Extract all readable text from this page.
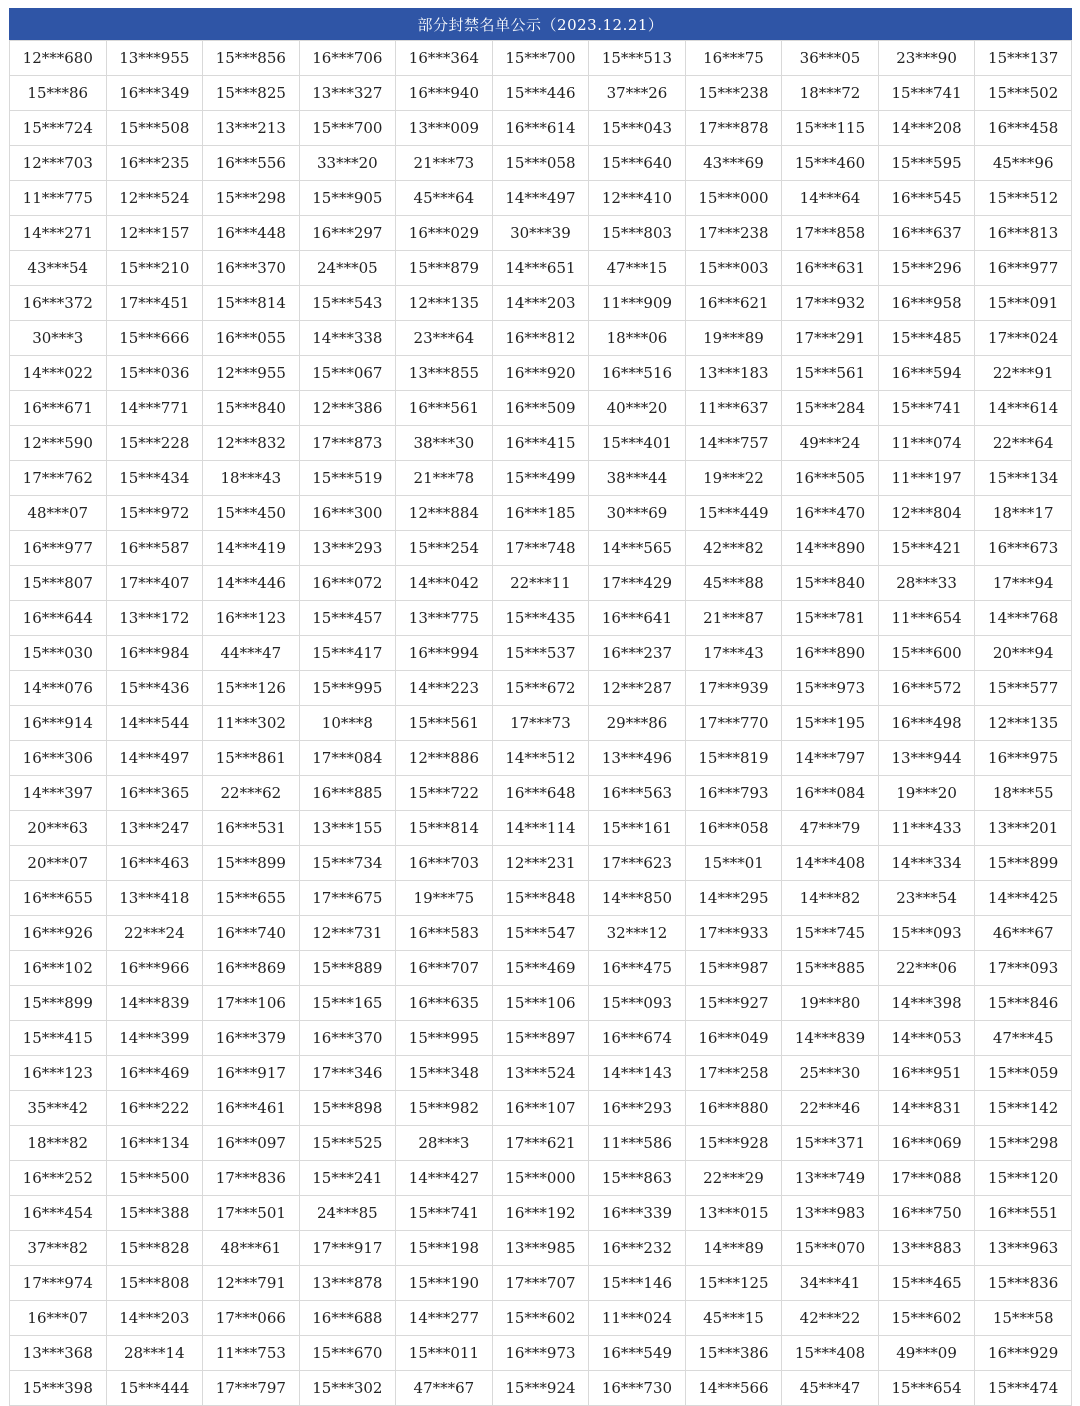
部分封禁名单公示（2023.12.21）
12***680	13***955	15***856	16***706	16***364	15***700	15***513	16***75	36***05	23***90	15***137
15***86	16***349	15***825	13***327	16***940	15***446	37***26	15***238	18***72	15***741	15***502
15***724	15***508	13***213	15***700	13***009	16***614	15***043	17***878	15***115	14***208	16***458
12***703	16***235	16***556	33***20	21***73	15***058	15***640	43***69	15***460	15***595	45***96
11***775	12***524	15***298	15***905	45***64	14***497	12***410	15***000	14***64	16***545	15***512
14***271	12***157	16***448	16***297	16***029	30***39	15***803	17***238	17***858	16***637	16***813
43***54	15***210	16***370	24***05	15***879	14***651	47***15	15***003	16***631	15***296	16***977
16***372	17***451	15***814	15***543	12***135	14***203	11***909	16***621	17***932	16***958	15***091
30***3	15***666	16***055	14***338	23***64	16***812	18***06	19***89	17***291	15***485	17***024
14***022	15***036	12***955	15***067	13***855	16***920	16***516	13***183	15***561	16***594	22***91
16***671	14***771	15***840	12***386	16***561	16***509	40***20	11***637	15***284	15***741	14***614
12***590	15***228	12***832	17***873	38***30	16***415	15***401	14***757	49***24	11***074	22***64
17***762	15***434	18***43	15***519	21***78	15***499	38***44	19***22	16***505	11***197	15***134
48***07	15***972	15***450	16***300	12***884	16***185	30***69	15***449	16***470	12***804	18***17
16***977	16***587	14***419	13***293	15***254	17***748	14***565	42***82	14***890	15***421	16***673
15***807	17***407	14***446	16***072	14***042	22***11	17***429	45***88	15***840	28***33	17***94
16***644	13***172	16***123	15***457	13***775	15***435	16***641	21***87	15***781	11***654	14***768
15***030	16***984	44***47	15***417	16***994	15***537	16***237	17***43	16***890	15***600	20***94
14***076	15***436	15***126	15***995	14***223	15***672	12***287	17***939	15***973	16***572	15***577
16***914	14***544	11***302	10***8	15***561	17***73	29***86	17***770	15***195	16***498	12***135
16***306	14***497	15***861	17***084	12***886	14***512	13***496	15***819	14***797	13***944	16***975
14***397	16***365	22***62	16***885	15***722	16***648	16***563	16***793	16***084	19***20	18***55
20***63	13***247	16***531	13***155	15***814	14***114	15***161	16***058	47***79	11***433	13***201
20***07	16***463	15***899	15***734	16***703	12***231	17***623	15***01	14***408	14***334	15***899
16***655	13***418	15***655	17***675	19***75	15***848	14***850	14***295	14***82	23***54	14***425
16***926	22***24	16***740	12***731	16***583	15***547	32***12	17***933	15***745	15***093	46***67
16***102	16***966	16***869	15***889	16***707	15***469	16***475	15***987	15***885	22***06	17***093
15***899	14***839	17***106	15***165	16***635	15***106	15***093	15***927	19***80	14***398	15***846
15***415	14***399	16***379	16***370	15***995	15***897	16***674	16***049	14***839	14***053	47***45
16***123	16***469	16***917	17***346	15***348	13***524	14***143	17***258	25***30	16***951	15***059
35***42	16***222	16***461	15***898	15***982	16***107	16***293	16***880	22***46	14***831	15***142
18***82	16***134	16***097	15***525	28***3	17***621	11***586	15***928	15***371	16***069	15***298
16***252	15***500	17***836	15***241	14***427	15***000	15***863	22***29	13***749	17***088	15***120
16***454	15***388	17***501	24***85	15***741	16***192	16***339	13***015	13***983	16***750	16***551
37***82	15***828	48***61	17***917	15***198	13***985	16***232	14***89	15***070	13***883	13***963
17***974	15***808	12***791	13***878	15***190	17***707	15***146	15***125	34***41	15***465	15***836
16***07	14***203	17***066	16***688	14***277	15***602	11***024	45***15	42***22	15***602	15***58
13***368	28***14	11***753	15***670	15***011	16***973	16***549	15***386	15***408	49***09	16***929
15***398	15***444	17***797	15***302	47***67	15***924	16***730	14***566	45***47	15***654	15***474
